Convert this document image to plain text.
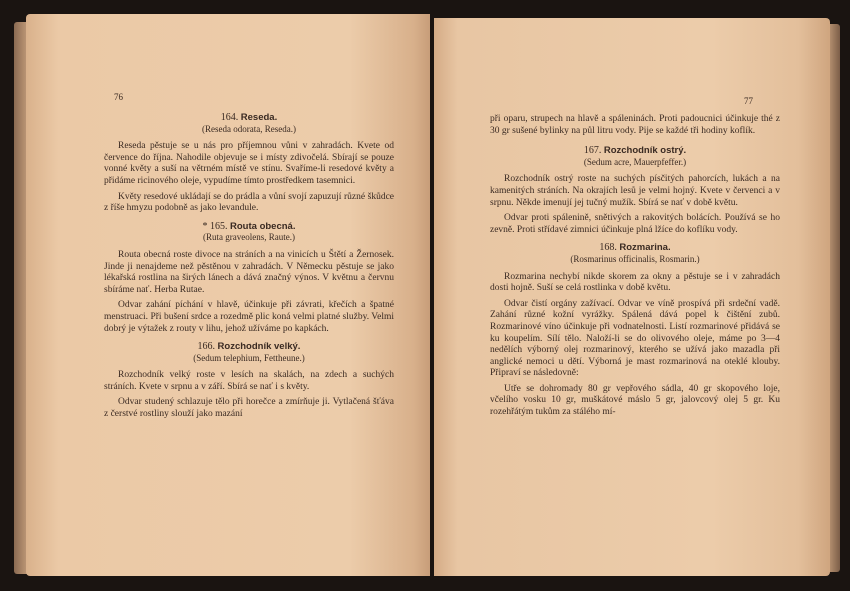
76
164. Reseda.
(Reseda odorata, Reseda.)

Reseda pěstuje se u nás pro příjemnou vůni v zahradách. Kvete od července do října. Nahodile objevuje se i místy zdivočelá. Sbírají se pouze vonné květy a suší na větrném místě ve stínu. Svaříme-li resedové květy a přidáme ricinového oleje, vypudíme tímto prostředkem tasemnici.

Květy resedové ukládají se do prádla a vůní svojí zapuzují různé škůdce z říše hmyzu podobně as jako levandule.

* 165. Routa obecná.
(Ruta graveolens, Raute.)

Routa obecná roste divoce na stráních a na vinicích u Štětí a Žernosek. Jinde ji nenajdeme než pěstěnou v zahradách. V Německu pěstuje se jako lékařská rostlina na širých lánech a dává značný výnos. V květnu a červnu sbíráme nať. Herba Rutae.

Odvar zahání píchání v hlavě, účinkuje při závrati, křečích a špatné menstruaci. Při bušení srdce a rozedmě plic koná velmi platné služby. Velmi dobrý je výtažek z routy v lihu, jehož užíváme po kapkách.

166. Rozchodník velký.
(Sedum telephium, Fettheune.)

Rozchodník velký roste v lesích na skalách, na zdech a suchých stráních. Kvete v srpnu a v září. Sbírá se nať i s květy.

Odvar studený schlazuje tělo při horečce a zmírňuje ji. Vytlačená šťáva z čerstvé rostliny slouží jako mazání

77

při oparu, strupech na hlavě a spáleninách. Proti padoucnici účinkuje thé z 30 gr sušené bylinky na půl litru vody. Pije se každé tři hodiny koflík.

167. Rozchodník ostrý.
(Sedum acre, Mauerpfeffer.)

Rozchodník ostrý roste na suchých písčitých pahorcích, lukách a na kamenitých stráních. Na okrajích lesů je velmi hojný. Kvete v červenci a v srpnu. Někde imenují jej tučný mužík. Sbírá se nať v době květu.

Odvar proti spálenině, snětivých a rakovitých bolácích. Používá se ho zevně. Proti střídavé zimnici účinkuje plná lžíce do koflíku vody.

168. Rozmarina.
(Rosmarinus officinalis, Rosmarin.)

Rozmarina nechybí nikde skorem za okny a pěstuje se i v zahradách dosti hojně. Suší se celá rostlinka v době květu.

Odvar čistí orgány zažívací. Odvar ve víně prospívá při srdeční vadě. Zahání různé kožní vyrážky. Spálená dává popel k čištění zubů. Rozmarinové víno účinkuje při vodnatelnosti. Listí rozmarinové přidává se ku koupelím. Sílí tělo. Naloží-li se do olivového oleje, máme po 3—4 nedělích výborný olej rozmarinový, kterého se užívá jako mazadla při anglické nemoci u dětí. Výborná je mast rozmarinová na oteklé klouby. Připraví se následovně:

Utře se dohromady 80 gr vepřového sádla, 40 gr skopového loje, včelího vosku 10 gr, muškátové máslo 5 gr, jalovcový olej 5 gr. Ku rozehřátým tukům za stálého mí-
